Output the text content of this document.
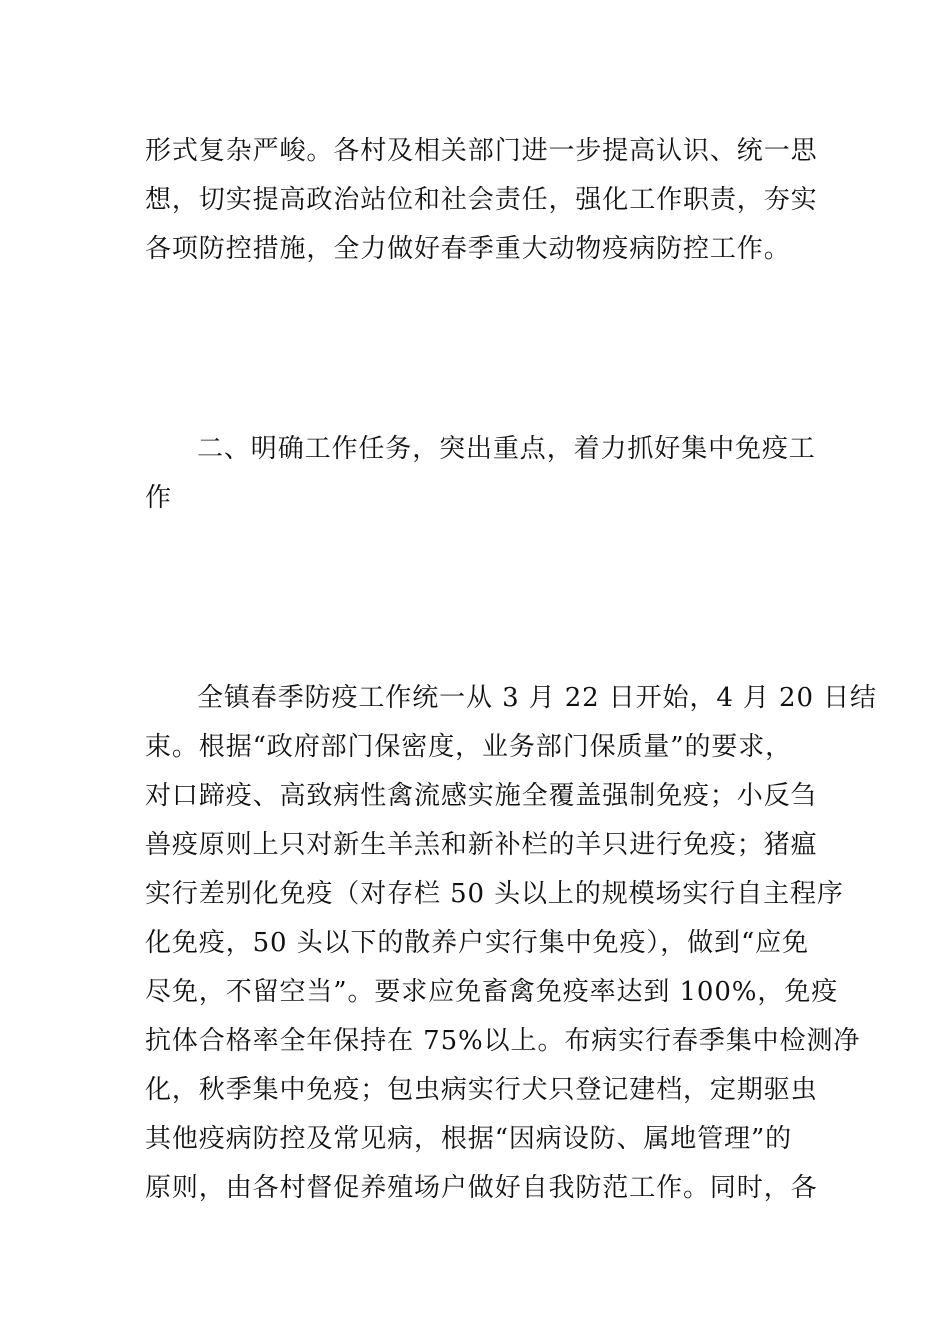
形式复杂严峻。各村及相关部门进一步提高认识、统一思
想，切实提高政治站位和社会责任，强化工作职责，夯实
各项防控措施，全力做好春季重大动物疫病防控工作。
二、明确工作任务，突出重点，着力抓好集中免疫工
作
全镇春季防疫工作统一从 3 月 22 日开始，4 月 20 日结
束。根据“政府部门保密度，业务部门保质量”的要求，
对口蹄疫、高致病性禽流感实施全覆盖强制免疫；小反刍
兽疫原则上只对新生羊羔和新补栏的羊只进行免疫；猪瘟
实行差别化免疫（对存栏 50 头以上的规模场实行自主程序
化免疫，50 头以下的散养户实行集中免疫），做到“应免
尽免，不留空当”。要求应免畜禽免疫率达到 100%，免疫
抗体合格率全年保持在 75%以上。布病实行春季集中检测净
化，秋季集中免疫；包虫病实行犬只登记建档，定期驱虫
其他疫病防控及常见病，根据“因病设防、属地管理”的
原则，由各村督促养殖场户做好自我防范工作。同时，各
